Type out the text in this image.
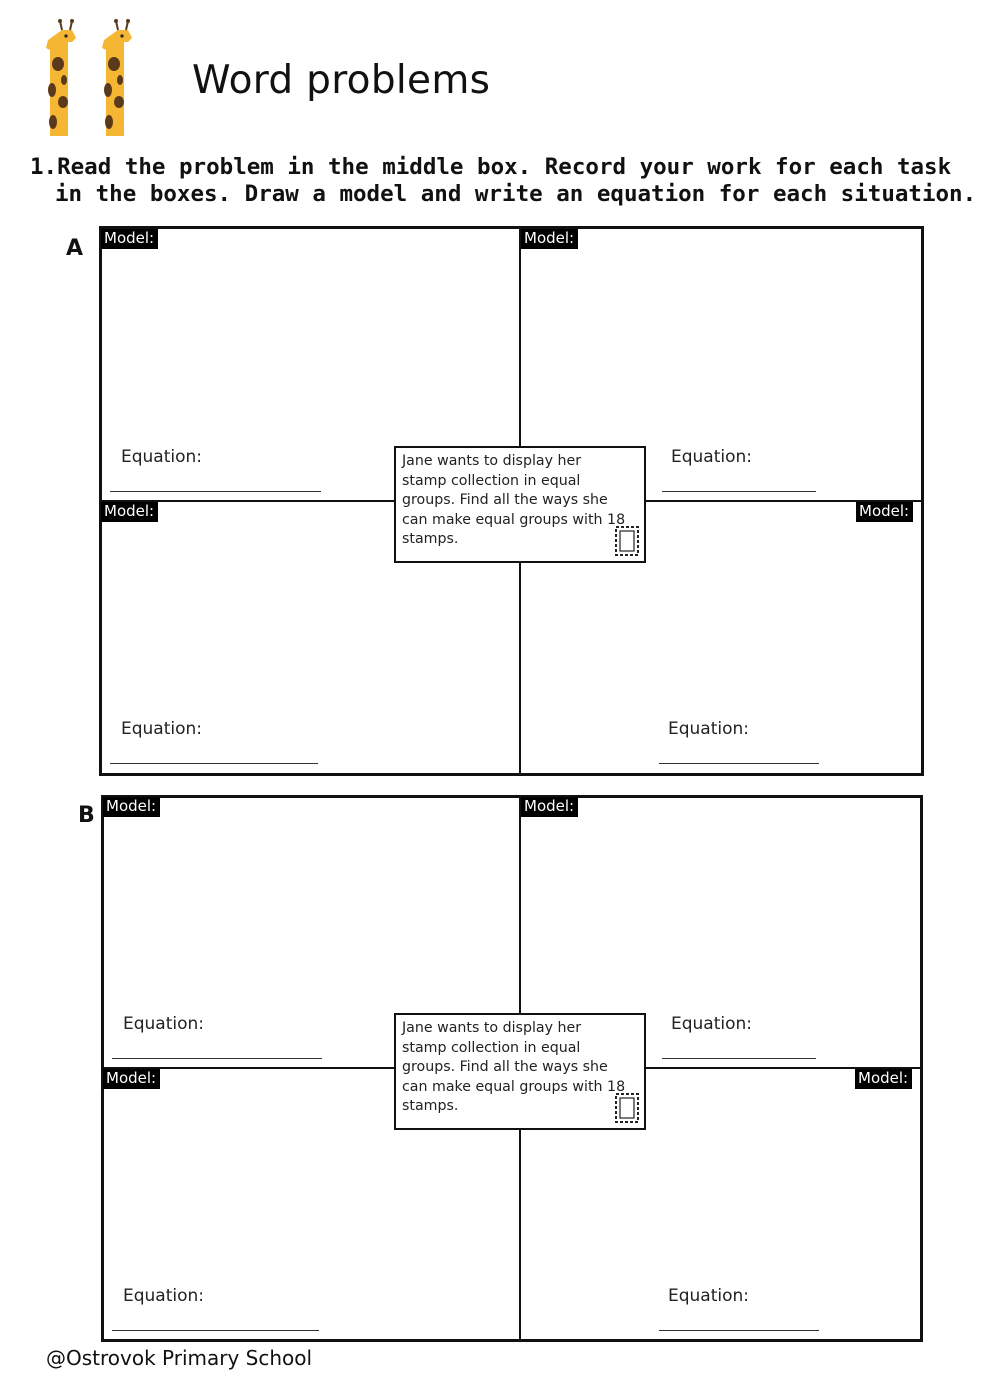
Word problems
1.Read the problem in the middle box. Record your work for each task
in the boxes. Draw a model and write an equation for each situation.
A Model:	Model:
Model:	Model:
Equation:	Equation:
Equation:	Equation:

Jane wants to display her stamp collection in equal groups. Find all the ways she can make equal groups with 18 stamps.

B Model:	Model:
Model:	Model:
Equation:	Equation:
Equation:	Equation:

Jane wants to display her stamp collection in equal groups. Find all the ways she can make equal groups with 18 stamps.

@Ostrovok Primary School
